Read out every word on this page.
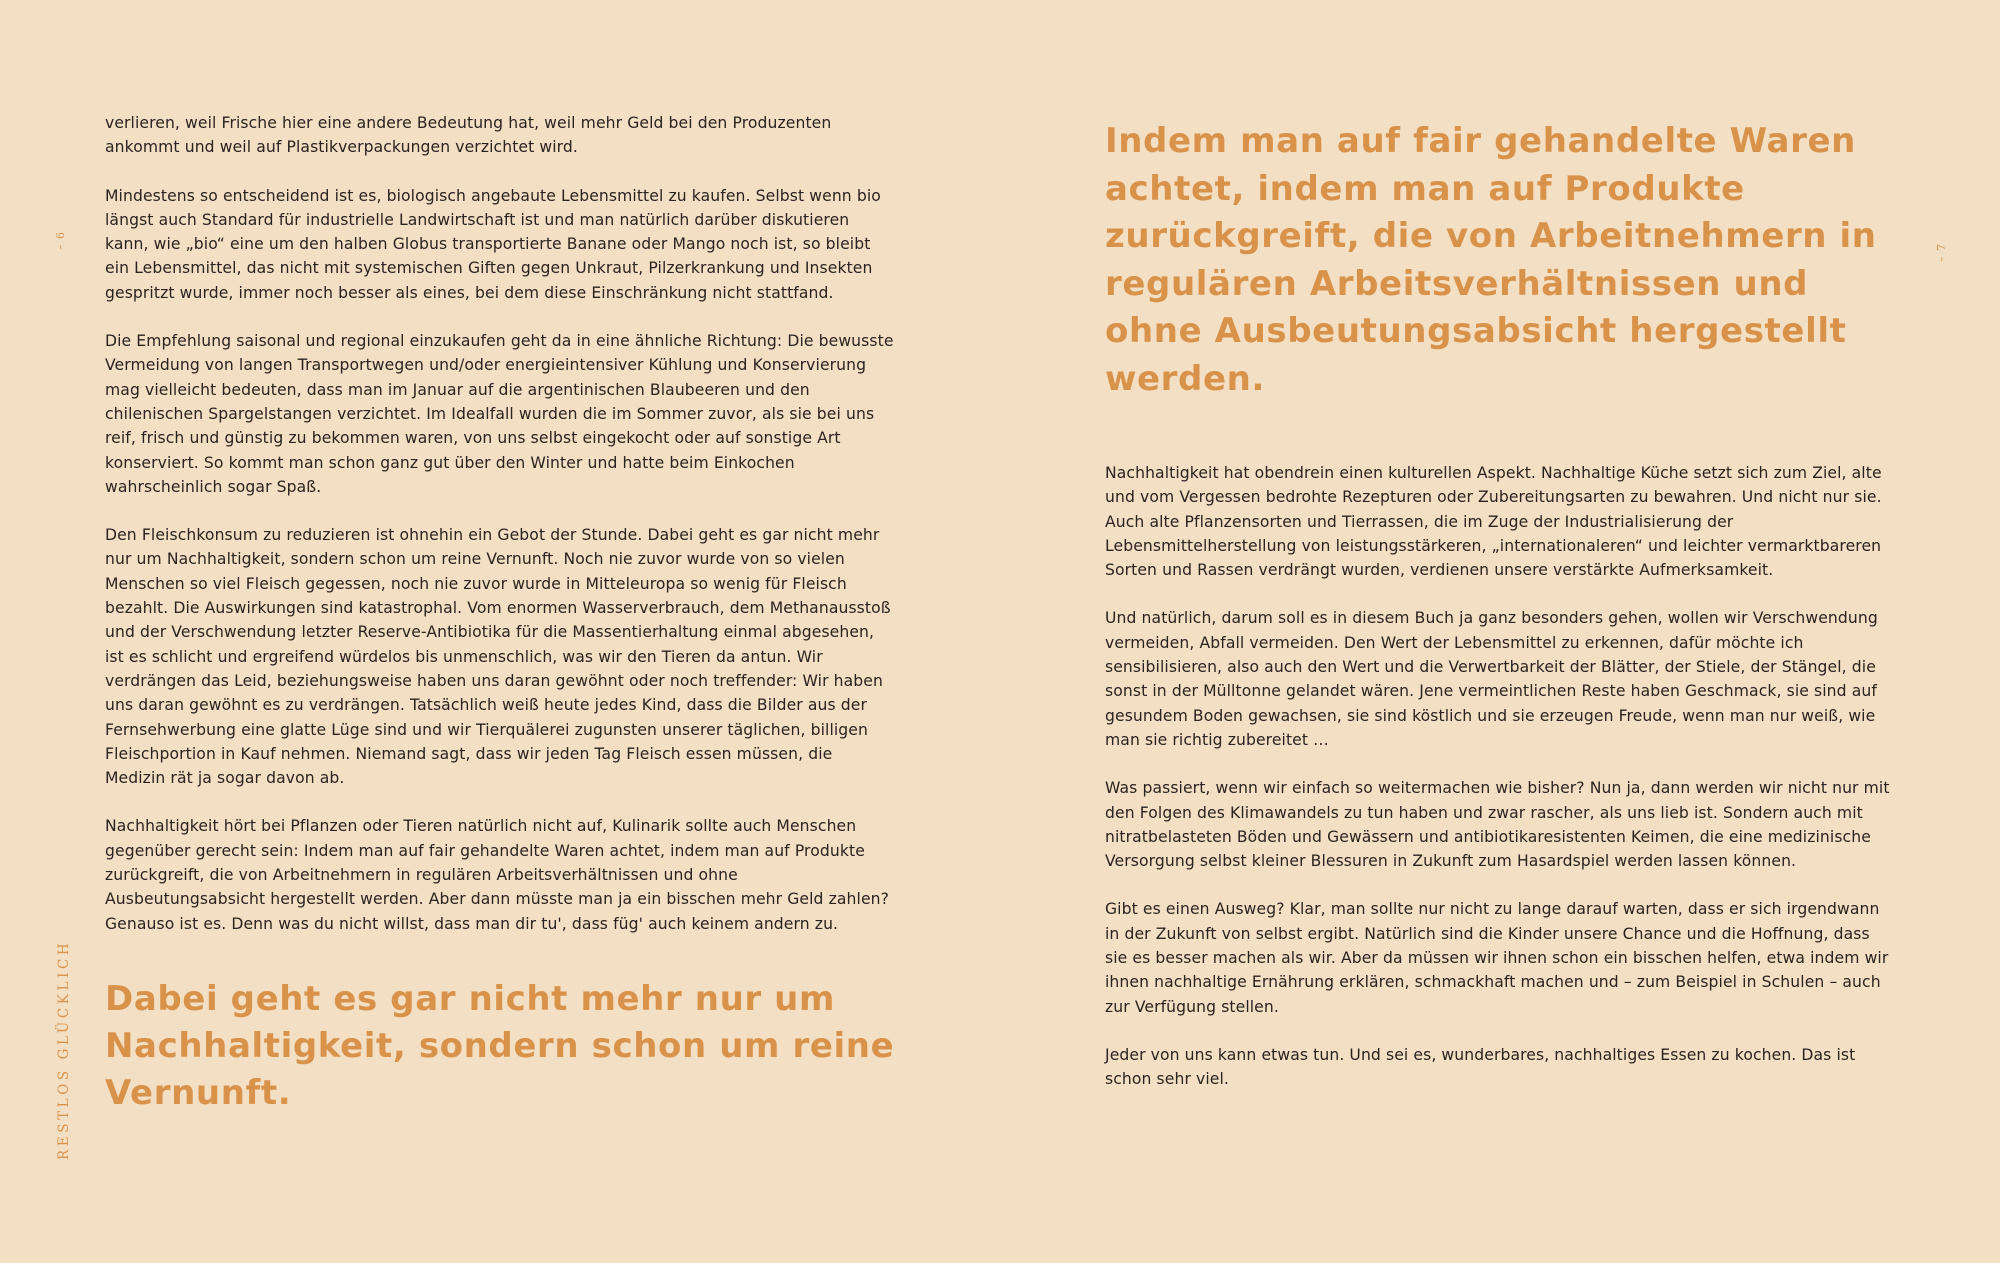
– 6
RESTLOS GLÜCKLICH

verlieren, weil Frische hier eine andere Bedeutung hat, weil mehr Geld bei den Produzenten ankommt und weil auf Plastikverpackungen verzichtet wird.

Mindestens so entscheidend ist es, biologisch angebaute Lebensmittel zu kaufen. Selbst wenn bio längst auch Standard für industrielle Landwirtschaft ist und man natürlich darüber diskutieren kann, wie „bio“ eine um den halben Globus transportierte Banane oder Mango noch ist, so bleibt ein Lebensmittel, das nicht mit systemischen Giften gegen Unkraut, Pilzerkrankung und Insekten gespritzt wurde, immer noch besser als eines, bei dem diese Einschränkung nicht stattfand.

Die Empfehlung saisonal und regional einzukaufen geht da in eine ähnliche Richtung: Die bewusste Vermeidung von langen Transportwegen und/oder energieintensiver Kühlung und Konservierung mag vielleicht bedeuten, dass man im Januar auf die argentinischen Blaubeeren und den chilenischen Spargelstangen verzichtet. Im Idealfall wurden die im Sommer zuvor, als sie bei uns reif, frisch und günstig zu bekommen waren, von uns selbst eingekocht oder auf sonstige Art konserviert. So kommt man schon ganz gut über den Winter und hatte beim Einkochen wahrscheinlich sogar Spaß.

Den Fleischkonsum zu reduzieren ist ohnehin ein Gebot der Stunde. Dabei geht es gar nicht mehr nur um Nachhaltigkeit, sondern schon um reine Vernunft. Noch nie zuvor wurde von so vielen Menschen so viel Fleisch gegessen, noch nie zuvor wurde in Mitteleuropa so wenig für Fleisch bezahlt. Die Auswirkungen sind katastrophal. Vom enormen Wasserverbrauch, dem Methanausstoß und der Verschwendung letzter Reserve-Antibiotika für die Massentierhaltung einmal abgesehen, ist es schlicht und ergreifend würdelos bis unmenschlich, was wir den Tieren da antun. Wir verdrängen das Leid, beziehungsweise haben uns daran gewöhnt oder noch treffender: Wir haben uns daran gewöhnt es zu verdrängen. Tatsächlich weiß heute jedes Kind, dass die Bilder aus der Fernsehwerbung eine glatte Lüge sind und wir Tierquälerei zugunsten unserer täglichen, billigen Fleischportion in Kauf nehmen. Niemand sagt, dass wir jeden Tag Fleisch essen müssen, die Medizin rät ja sogar davon ab.

Nachhaltigkeit hört bei Pflanzen oder Tieren natürlich nicht auf, Kulinarik sollte auch Menschen gegenüber gerecht sein: Indem man auf fair gehandelte Waren achtet, indem man auf Produkte zurückgreift, die von Arbeitnehmern in regulären Arbeitsverhältnissen und ohne Ausbeutungsabsicht hergestellt werden. Aber dann müsste man ja ein bisschen mehr Geld zahlen? Genauso ist es. Denn was du nicht willst, dass man dir tu', dass füg' auch keinem andern zu.

Dabei geht es gar nicht mehr nur um Nachhaltigkeit, sondern schon um reine Vernunft.
– 7
Indem man auf fair gehandelte Waren achtet, indem man auf Produkte zurückgreift, die von Arbeitnehmern in regulären Arbeitsverhältnissen und ohne Ausbeutungsabsicht hergestellt werden.

Nachhaltigkeit hat obendrein einen kulturellen Aspekt. Nachhaltige Küche setzt sich zum Ziel, alte und vom Vergessen bedrohte Rezepturen oder Zubereitungsarten zu bewahren. Und nicht nur sie. Auch alte Pflanzensorten und Tierrassen, die im Zuge der Industrialisierung der Lebensmittelherstellung von leistungsstärkeren, „internationaleren“ und leichter vermarktbareren Sorten und Rassen verdrängt wurden, verdienen unsere verstärkte Aufmerksamkeit.

Und natürlich, darum soll es in diesem Buch ja ganz besonders gehen, wollen wir Verschwendung vermeiden, Abfall vermeiden. Den Wert der Lebensmittel zu erkennen, dafür möchte ich sensibilisieren, also auch den Wert und die Verwertbarkeit der Blätter, der Stiele, der Stängel, die sonst in der Mülltonne gelandet wären. Jene vermeintlichen Reste haben Geschmack, sie sind auf gesundem Boden gewachsen, sie sind köstlich und sie erzeugen Freude, wenn man nur weiß, wie man sie richtig zubereitet …

Was passiert, wenn wir einfach so weitermachen wie bisher? Nun ja, dann werden wir nicht nur mit den Folgen des Klimawandels zu tun haben und zwar rascher, als uns lieb ist. Sondern auch mit nitratbelasteten Böden und Gewässern und antibiotikaresistenten Keimen, die eine medizinische Versorgung selbst kleiner Blessuren in Zukunft zum Hasardspiel werden lassen können.

Gibt es einen Ausweg? Klar, man sollte nur nicht zu lange darauf warten, dass er sich irgendwann in der Zukunft von selbst ergibt. Natürlich sind die Kinder unsere Chance und die Hoffnung, dass sie es besser machen als wir. Aber da müssen wir ihnen schon ein bisschen helfen, etwa indem wir ihnen nachhaltige Ernährung erklären, schmackhaft machen und – zum Beispiel in Schulen – auch zur Verfügung stellen.

Jeder von uns kann etwas tun. Und sei es, wunderbares, nachhaltiges Essen zu kochen. Das ist schon sehr viel.
